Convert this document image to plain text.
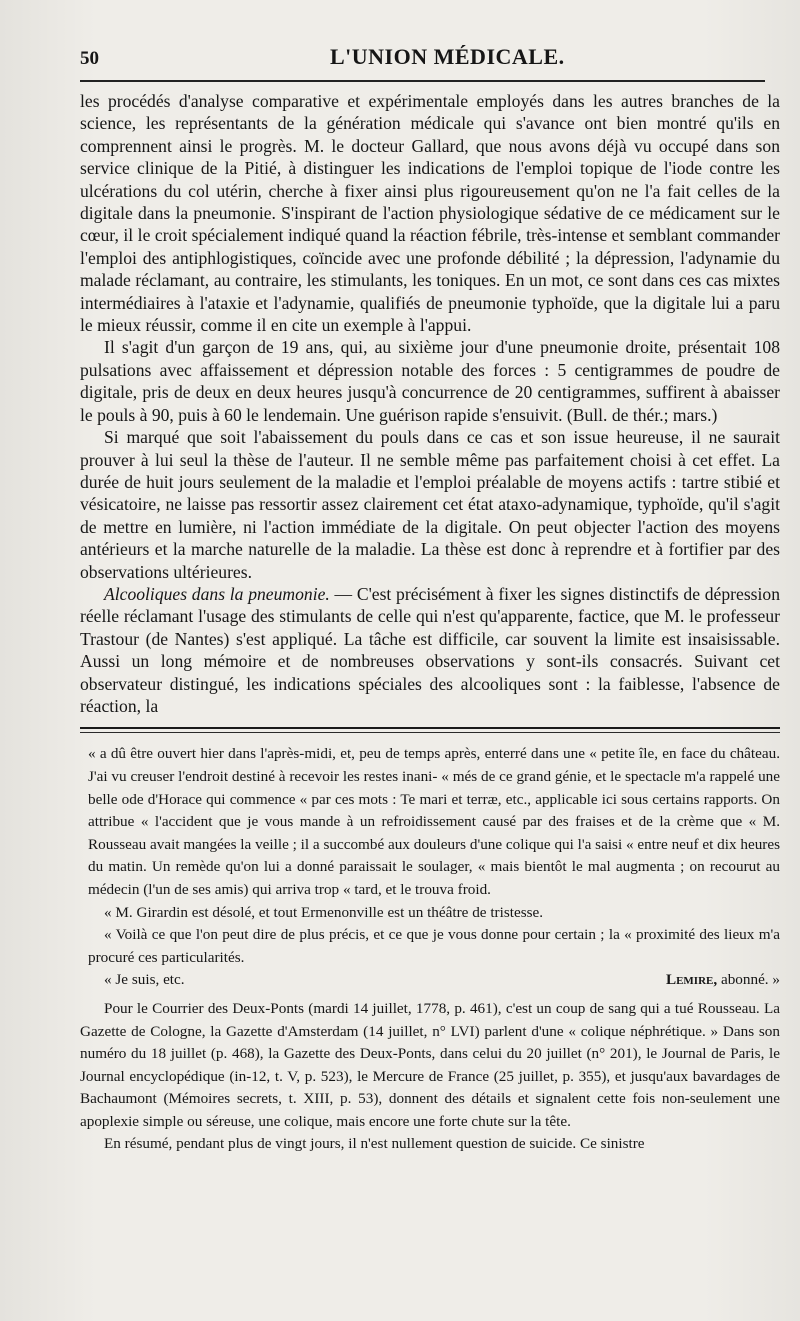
50	L'UNION MÉDICALE.

les procédés d'analyse comparative et expérimentale employés dans les autres branches de la science, les représentants de la génération médicale qui s'avance ont bien montré qu'ils en comprennent ainsi le progrès. M. le docteur Gallard, que nous avons déjà vu occupé dans son service clinique de la Pitié, à distinguer les indications de l'emploi topique de l'iode contre les ulcérations du col utérin, cherche à fixer ainsi plus rigoureusement qu'on ne l'a fait celles de la digitale dans la pneumonie. S'inspirant de l'action physiologique sédative de ce médicament sur le cœur, il le croit spécialement indiqué quand la réaction fébrile, très-intense et semblant commander l'emploi des antiphlogistiques, coïncide avec une profonde débilité ; la dépression, l'adynamie du malade réclamant, au contraire, les stimulants, les toniques. En un mot, ce sont dans ces cas mixtes intermédiaires à l'ataxie et l'adynamie, qualifiés de pneumonie typhoïde, que la digitale lui a paru le mieux réussir, comme il en cite un exemple à l'appui.

Il s'agit d'un garçon de 19 ans, qui, au sixième jour d'une pneumonie droite, présentait 108 pulsations avec affaissement et dépression notable des forces : 5 centigrammes de poudre de digitale, pris de deux en deux heures jusqu'à concurrence de 20 centigrammes, suffirent à abaisser le pouls à 90, puis à 60 le lendemain. Une guérison rapide s'ensuivit. (Bull. de thér.; mars.)

Si marqué que soit l'abaissement du pouls dans ce cas et son issue heureuse, il ne saurait prouver à lui seul la thèse de l'auteur. Il ne semble même pas parfaitement choisi à cet effet. La durée de huit jours seulement de la maladie et l'emploi préalable de moyens actifs : tartre stibié et vésicatoire, ne laisse pas ressortir assez clairement cet état ataxo-adynamique, typhoïde, qu'il s'agit de mettre en lumière, ni l'action immédiate de la digitale. On peut objecter l'action des moyens antérieurs et la marche naturelle de la maladie. La thèse est donc à reprendre et à fortifier par des observations ultérieures.

Alcooliques dans la pneumonie. — C'est précisément à fixer les signes distinctifs de dépression réelle réclamant l'usage des stimulants de celle qui n'est qu'apparente, factice, que M. le professeur Trastour (de Nantes) s'est appliqué. La tâche est difficile, car souvent la limite est insaisissable. Aussi un long mémoire et de nombreuses observations y sont-ils consacrés. Suivant cet observateur distingué, les indications spéciales des alcooliques sont : la faiblesse, l'absence de réaction, la

« a dû être ouvert hier dans l'après-midi, et, peu de temps après, enterré dans une « petite île, en face du château. J'ai vu creuser l'endroit destiné à recevoir les restes inani- « més de ce grand génie, et le spectacle m'a rappelé une belle ode d'Horace qui commence « par ces mots : Te mari et terræ, etc., applicable ici sous certains rapports. On attribue « l'accident que je vous mande à un refroidissement causé par des fraises et de la crème que « M. Rousseau avait mangées la veille ; il a succombé aux douleurs d'une colique qui l'a saisi « entre neuf et dix heures du matin. Un remède qu'on lui a donné paraissait le soulager, « mais bientôt le mal augmenta ; on recourut au médecin (l'un de ses amis) qui arriva trop « tard, et le trouva froid.

« M. Girardin est désolé, et tout Ermenonville est un théâtre de tristesse.

« Voilà ce que l'on peut dire de plus précis, et ce que je vous donne pour certain ; la « proximité des lieux m'a procuré ces particularités.

« Je suis, etc.	Lemire, abonné. »

Pour le Courrier des Deux-Ponts (mardi 14 juillet, 1778, p. 461), c'est un coup de sang qui a tué Rousseau. La Gazette de Cologne, la Gazette d'Amsterdam (14 juillet, n° LVI) parlent d'une « colique néphrétique. » Dans son numéro du 18 juillet (p. 468), la Gazette des Deux-Ponts, dans celui du 20 juillet (n° 201), le Journal de Paris, le Journal encyclopédique (in-12, t. V, p. 523), le Mercure de France (25 juillet, p. 355), et jusqu'aux bavardages de Bachaumont (Mémoires secrets, t. XIII, p. 53), donnent des détails et signalent cette fois non-seulement une apoplexie simple ou séreuse, une colique, mais encore une forte chute sur la tête.

En résumé, pendant plus de vingt jours, il n'est nullement question de suicide. Ce sinistre
